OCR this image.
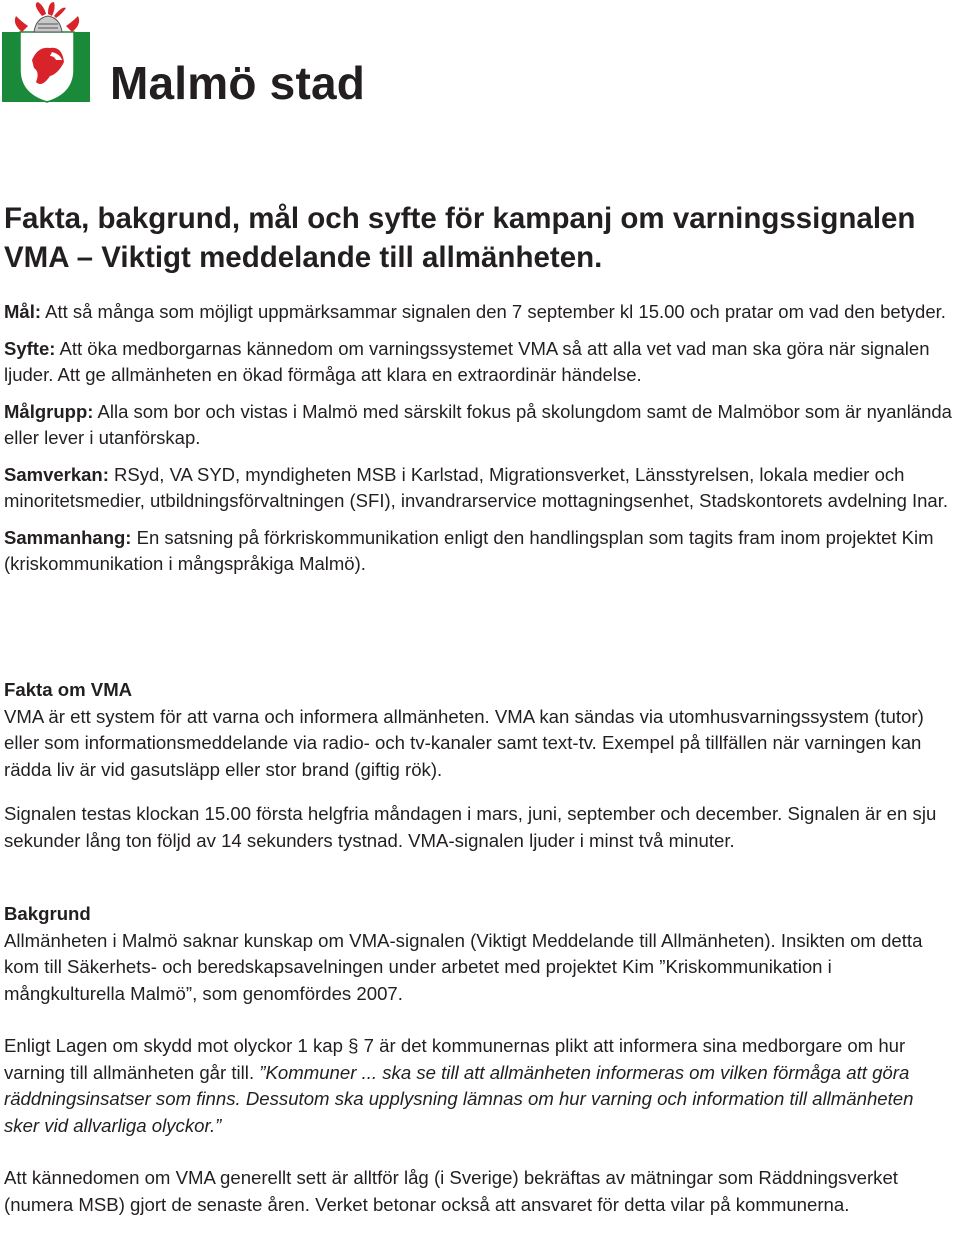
Malmö stad
Fakta, bakgrund, mål och syfte för kampanj om varningssignalen VMA – Viktigt meddelande till allmänheten.

Mål: Att så många som möjligt uppmärksammar signalen den 7 september kl 15.00 och pratar om vad den betyder.

Syfte: Att öka medborgarnas kännedom om varningssystemet VMA så att alla vet vad man ska göra när signalen ljuder. Att ge allmänheten en ökad förmåga att klara en extraordinär händelse.

Målgrupp: Alla som bor och vistas i Malmö med särskilt fokus på skolungdom samt de Malmöbor som är nyanlända eller lever i utanförskap.

Samverkan: RSyd, VA SYD, myndigheten MSB i Karlstad, Migrationsverket, Länsstyrelsen, lokala medier och minoritetsmedier, utbildningsförvaltningen (SFI), invandrarservice mottagningsenhet, Stadskontorets avdelning Inar.

Sammanhang: En satsning på förkriskommunikation enligt den handlingsplan som tagits fram inom projektet Kim (kriskommunikation i mångspråkiga Malmö).

Fakta om VMA

VMA är ett system för att varna och informera allmänheten. VMA kan sändas via utomhusvarningssystem (tutor) eller som informationsmeddelande via radio- och tv-kanaler samt text-tv. Exempel på tillfällen när varningen kan rädda liv är vid gasutsläpp eller stor brand (giftig rök).

Signalen testas klockan 15.00 första helgfria måndagen i mars, juni, september och december. Signalen är en sju sekunder lång ton följd av 14 sekunders tystnad. VMA-signalen ljuder i minst två minuter.

Bakgrund

Allmänheten i Malmö saknar kunskap om VMA-signalen (Viktigt Meddelande till Allmänheten). Insikten om detta kom till Säkerhets- och beredskapsavelningen under arbetet med projektet Kim ”Kriskommunikation i mångkulturella Malmö”, som genomfördes 2007.

Enligt Lagen om skydd mot olyckor 1 kap § 7 är det kommunernas plikt att informera sina medborgare om hur varning till allmänheten går till. ”Kommuner ... ska se till att allmänheten informeras om vilken förmåga att göra räddningsinsatser som finns. Dessutom ska upplysning lämnas om hur varning och information till allmänheten sker vid allvarliga olyckor.”

Att kännedomen om VMA generellt sett är alltför låg (i Sverige) bekräftas av mätningar som Räddningsverket (numera MSB) gjort de senaste åren. Verket betonar också att ansvaret för detta vilar på kommunerna.
